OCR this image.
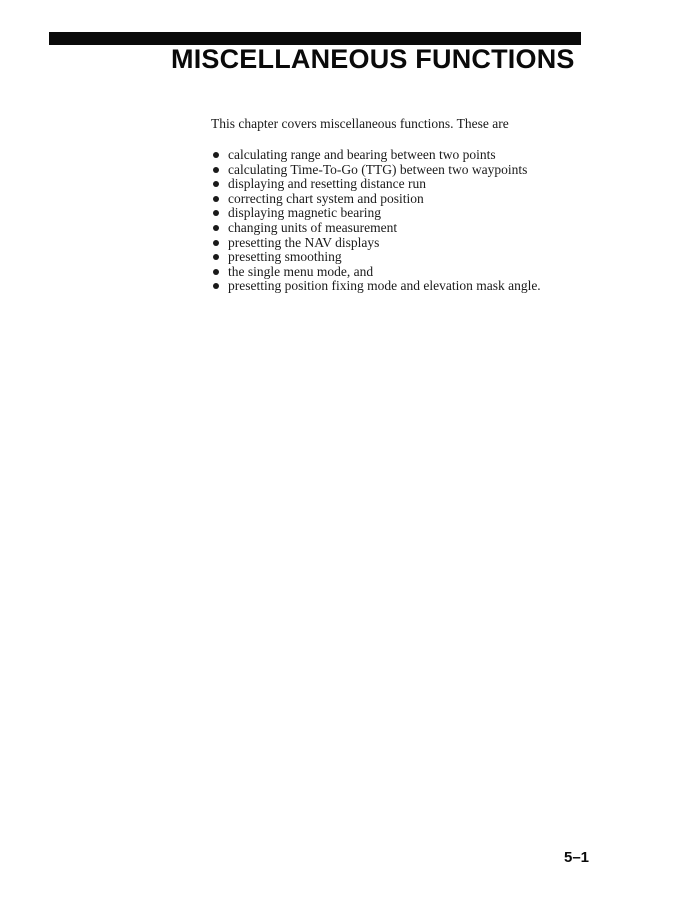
MISCELLANEOUS FUNCTIONS

This chapter covers miscellaneous functions. These are

calculating range and bearing between two points
calculating Time-To-Go (TTG) between two waypoints
displaying and resetting distance run
correcting chart system and position
displaying magnetic bearing
changing units of measurement
presetting the NAV displays
presetting smoothing
the single menu mode, and
presetting position fixing mode and elevation mask angle.

5–1
